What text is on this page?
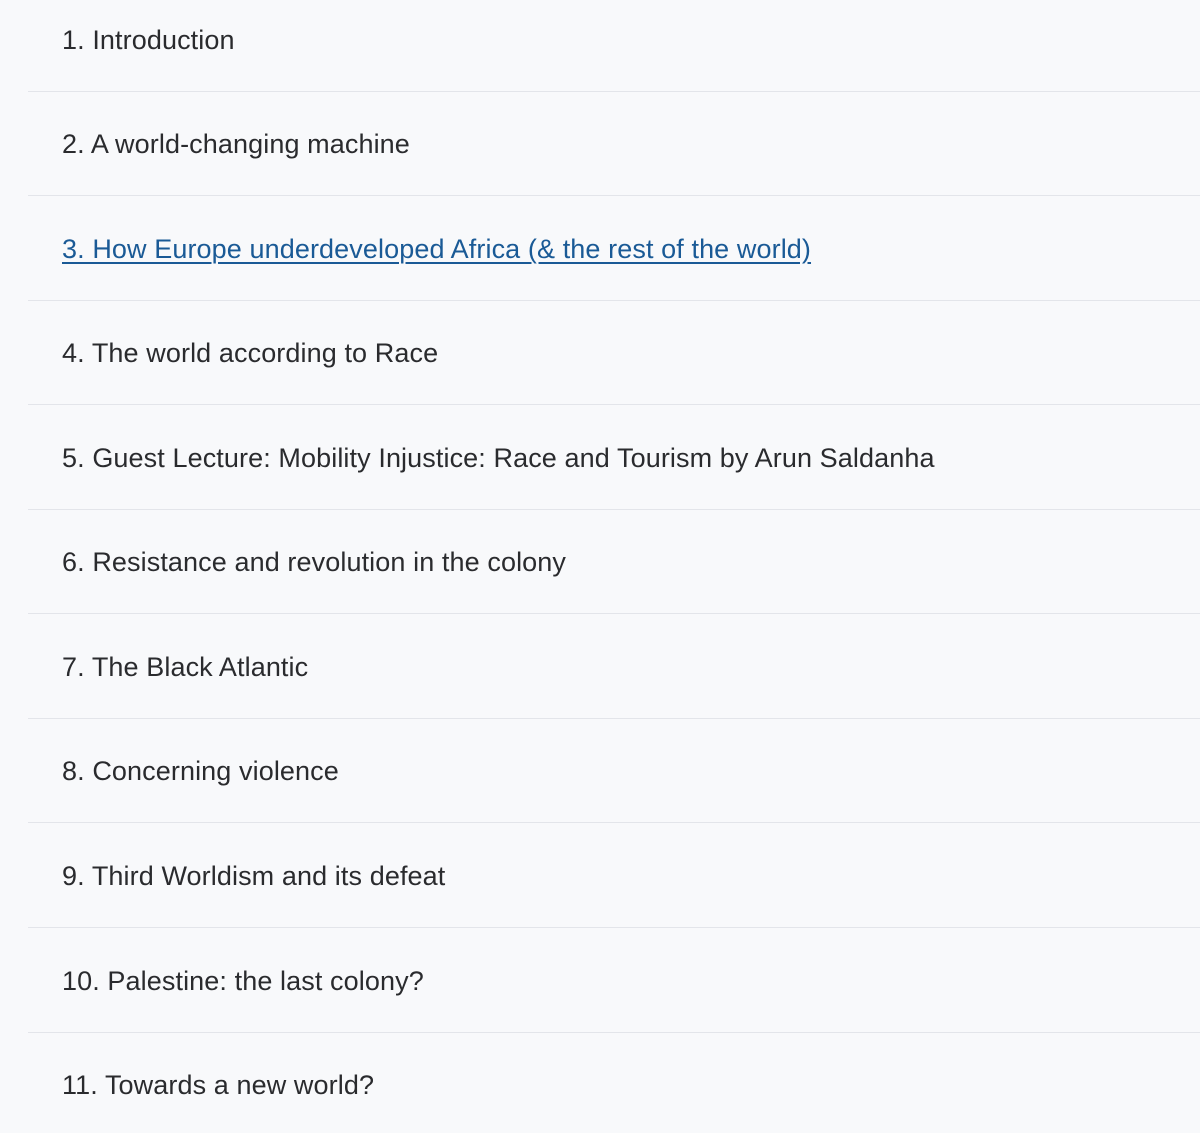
1. Introduction
2. A world-changing machine
3. How Europe underdeveloped Africa (& the rest of the world)
4. The world according to Race
5. Guest Lecture: Mobility Injustice: Race and Tourism by Arun Saldanha
6. Resistance and revolution in the colony
7. The Black Atlantic
8. Concerning violence
9. Third Worldism and its defeat
10. Palestine: the last colony?
11. Towards a new world?
